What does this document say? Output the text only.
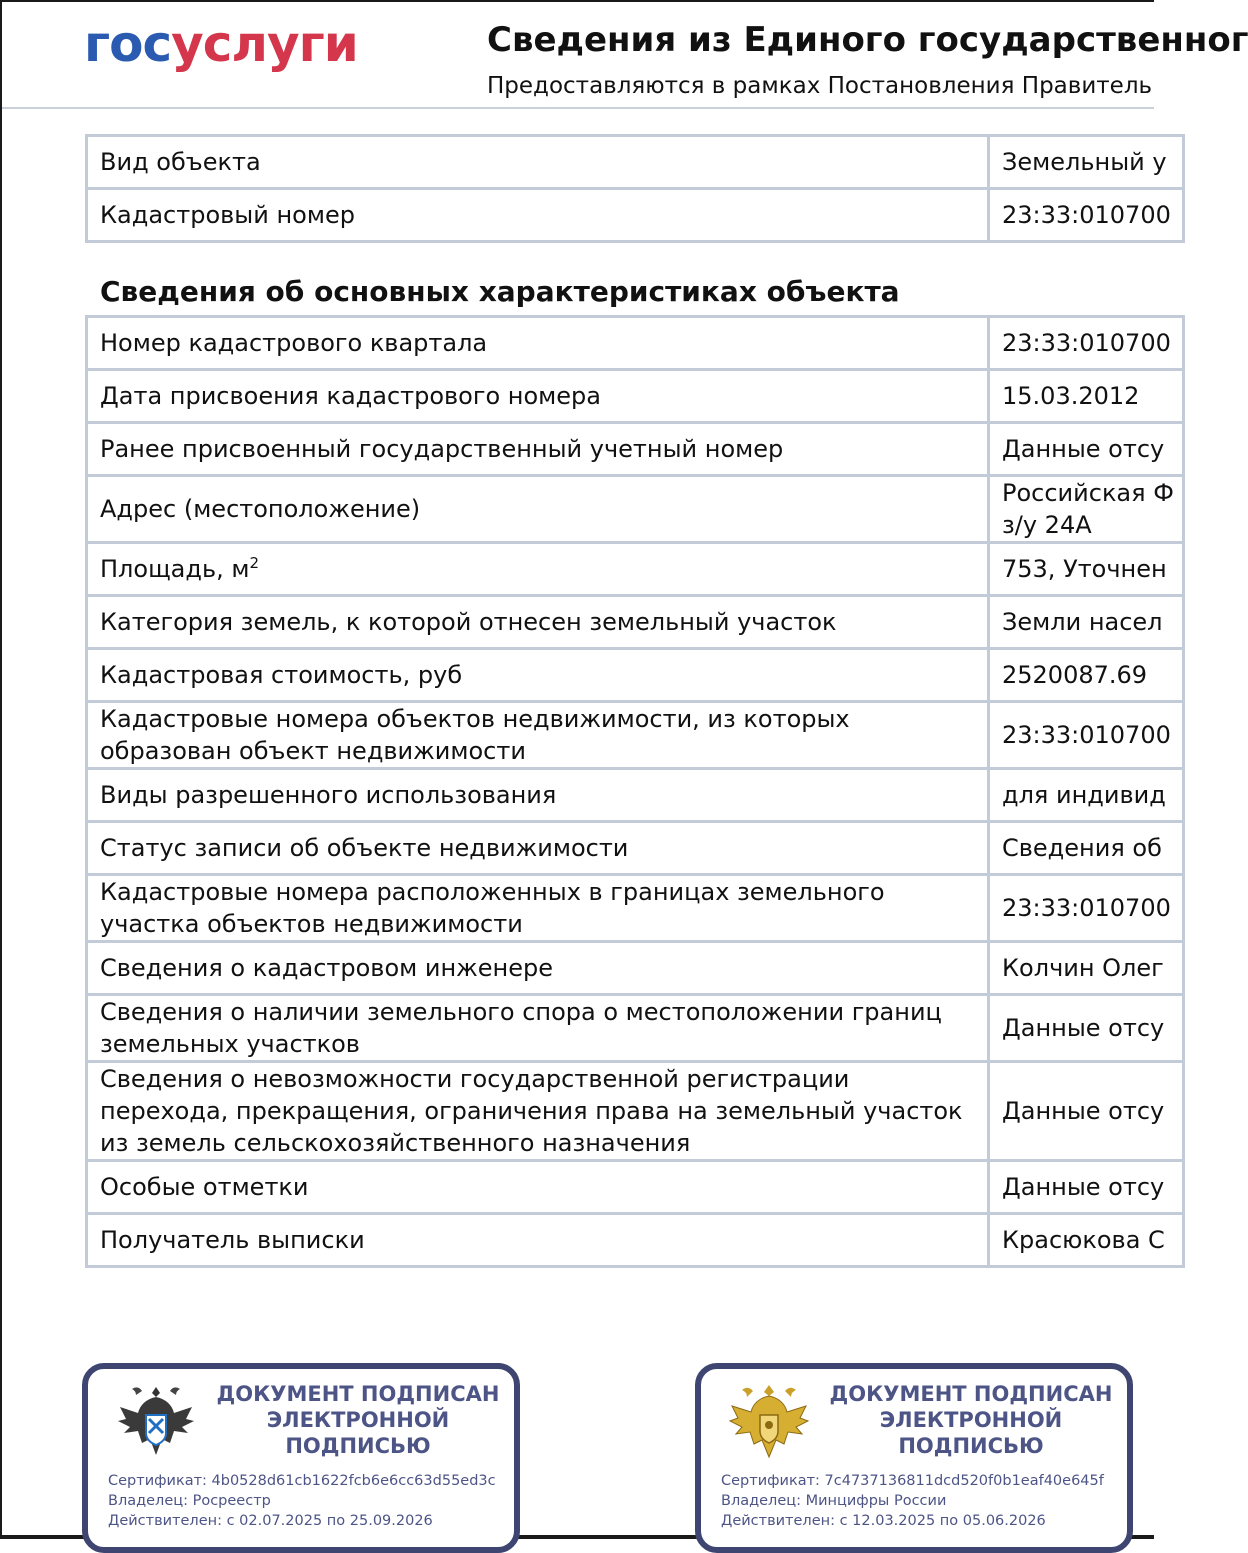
госуслуги	Сведения из Единого государственног
Предоставляются в рамках Постановления Правитель
Вид объекта	Земельный у
Кадастровый номер	23:33:010700
Сведения об основных характеристиках объекта
Номер кадастрового квартала	23:33:010700
Дата присвоения кадастрового номера	15.03.2012
Ранее присвоенный государственный учетный номер	Данные отсу
Адрес (местоположение)	Российская Ф
з/у 24А
Площадь, $м^2$	753, Уточнен
Категория земель, к которой отнесен земельный участок	Земли насел
Кадастровая стоимость, руб	2520087.69
Кадастровые номера объектов недвижимости, из которых образован объект недвижимости	23:33:010700
Виды разрешенного использования	для индивид
Статус записи об объекте недвижимости	Сведения об
Кадастровые номера расположенных в границах земельного участка объектов недвижимости	23:33:010700
Сведения о кадастровом инженере	Колчин Олег
Сведения о наличии земельного спора о местоположении границ земельных участков	Данные отсу
Сведения о невозможности государственной регистрации перехода, прекращения, ограничения права на земельный участок из земель сельскохозяйственного назначения	Данные отсу
Особые отметки	Данные отсу
Получатель выписки	Красюкова С
ДОКУМЕНТ ПОДПИСАН ЭЛЕКТРОННОЙ ПОДПИСЬЮ
Сертификат: 4b0528d61cb1622fcb6e6cc63d55ed3c
Владелец: Росреестр
Действителен: с 02.07.2025 по 25.09.2026
ДОКУМЕНТ ПОДПИСАН ЭЛЕКТРОННОЙ ПОДПИСЬЮ
Сертификат: 7c4737136811dcd520f0b1eaf40e645f
Владелец: Минцифры России
Действителен: с 12.03.2025 по 05.06.2026
